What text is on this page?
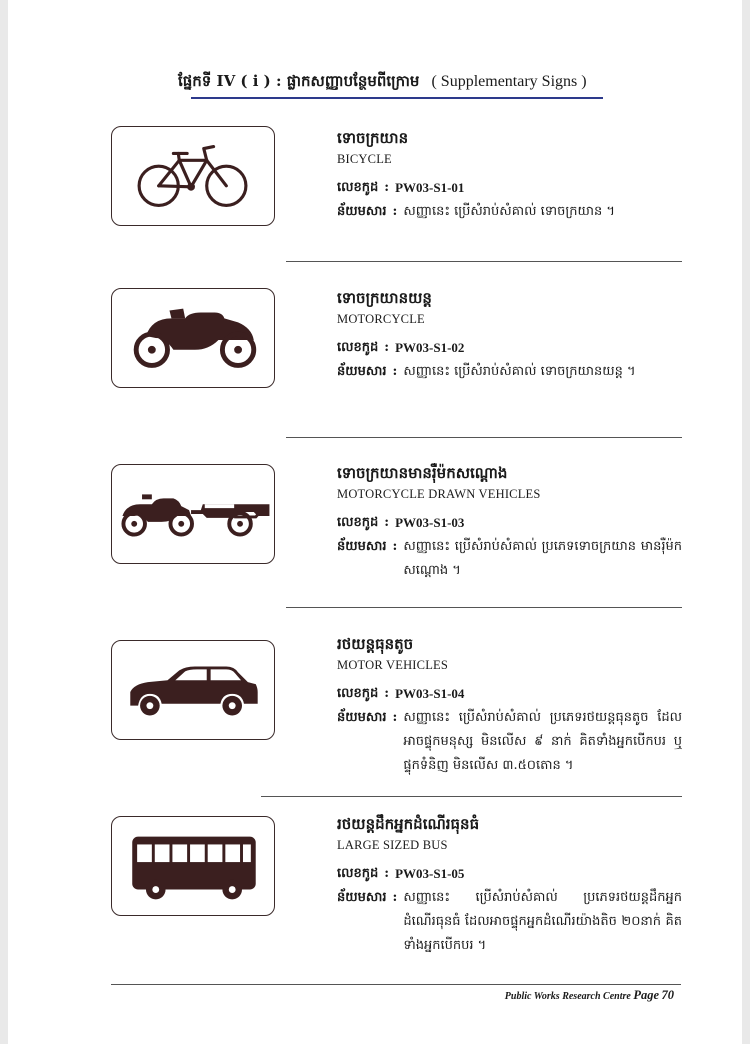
ផ្នែកទី IV ( i ) : ផ្លាកសញ្ញាបន្ថែមពីក្រោម ( Supplementary Signs )
ទោចក្រយាន
BICYCLE
លេខកូដ : PW03-S1-01
ន័យមសារ : សញ្ញានេះ ប្រើសំរាប់សំគាល់ ទោចក្រយាន ។
ទោចក្រយានយន្ត
MOTORCYCLE
លេខកូដ : PW03-S1-02
ន័យមសារ : សញ្ញានេះ ប្រើសំរាប់សំគាល់ ទោចក្រយានយន្ត ។
ទោចក្រយានមានរ៉ឺម៉កសណ្ដោង
MOTORCYCLE DRAWN VEHICLES
លេខកូដ : PW03-S1-03
ន័យមសារ : សញ្ញានេះ ប្រើសំរាប់សំគាល់ ប្រភេទទោចក្រយាន មានរ៉ឺម៉កសណ្ដោង ។
រថយន្តធុនតូច
MOTOR VEHICLES
លេខកូដ : PW03-S1-04
ន័យមសារ : សញ្ញានេះ ប្រើសំរាប់សំគាល់ ប្រភេទរថយន្តធុនតូច ដែលអាចផ្ទុកមនុស្ស មិនលើស ៩ នាក់ គិតទាំងអ្នកបើកបរ ឬ ផ្ទុកទំនិញ មិនលើស ៣.៥០តោន ។
រថយន្តដឹកអ្នកដំណើរធុនធំ
LARGE SIZED BUS
លេខកូដ : PW03-S1-05
ន័យមសារ : សញ្ញានេះ ប្រើសំរាប់សំគាល់ ប្រភេទរថយន្តដឹកអ្នកដំណើរធុនធំ ដែលអាចផ្ទុកអ្នកដំណើរយ៉ាងតិច ២០នាក់ គិតទាំងអ្នកបើកបរ ។
Public Works Research Centre Page 70
